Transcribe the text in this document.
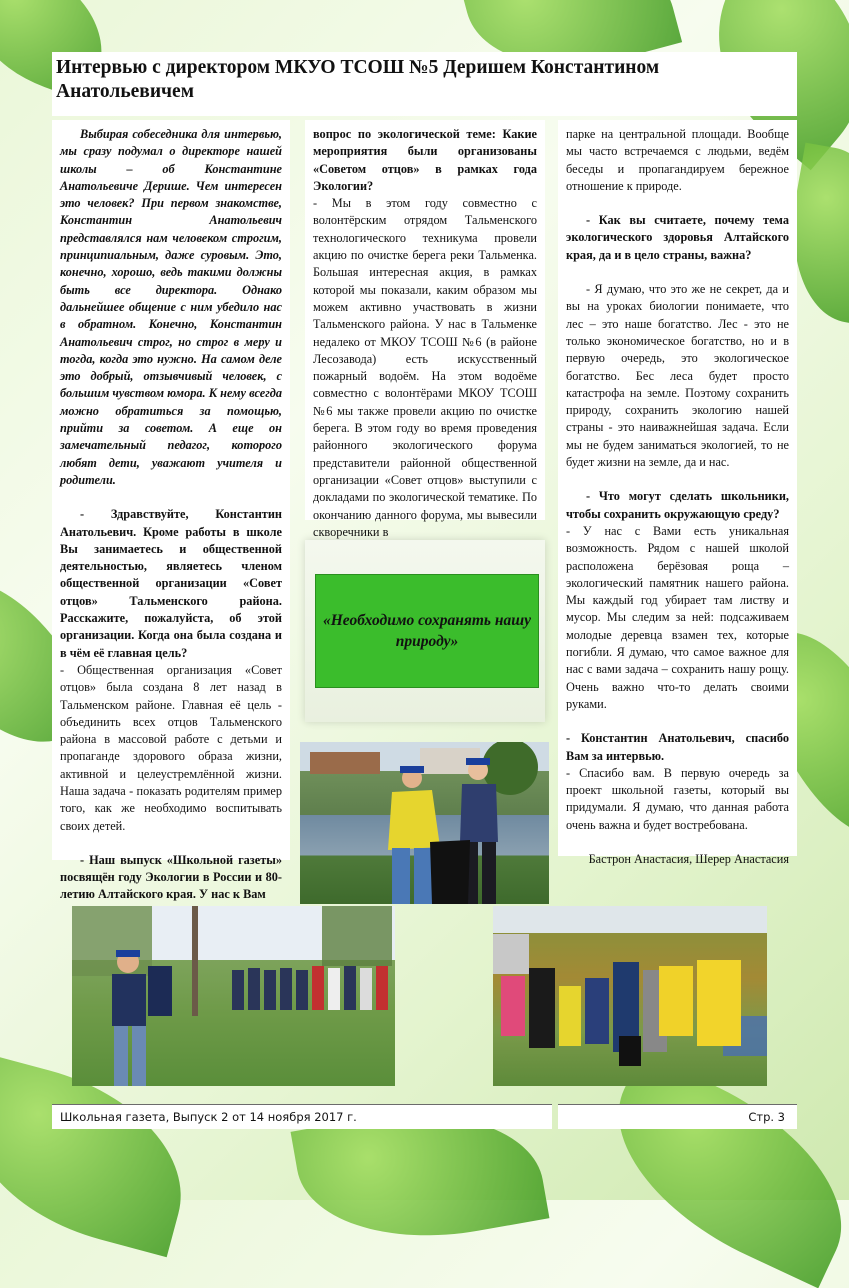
Интервью с директором МКУО ТСОШ №5 Деришем Константином Анатольевичем

Выбирая собеседника для интервью, мы сразу подумал о директоре нашей школы – об Константине Анатольевиче Дерише. Чем интересен это человек? При первом знакомстве, Константин Анатольевич представлялся нам человеком строгим, принципиальным, даже суровым. Это, конечно, хорошо, ведь такими должны быть все директора. Однако дальнейшее общение с ним убедило нас в обратном. Конечно, Константин Анатольевич строг, но строг в меру и тогда, когда это нужно. На самом деле это добрый, отзывчивый человек, с большим чувством юмора. К нему всегда можно обратиться за помощью, прийти за советом. А еще он замечательный педагог, которого любят дети, уважают учителя и родители.

- Здравствуйте, Константин Анатольевич. Кроме работы в школе Вы занимаетесь и общественной деятельностью, являетесь членом общественной организации «Совет отцов» Тальменского района. Расскажите, пожалуйста, об этой организации. Когда она была создана и в чём её главная цель?

- Общественная организация «Совет отцов» была создана 8 лет назад в Тальменском районе. Главная её цель - объединить всех отцов Тальменского района в массовой работе с детьми и пропаганде здорового образа жизни, активной и целеустремлённой жизни. Наша задача - показать родителям пример того, как же необходимо воспитывать своих детей.

- Наш выпуск «Школьной газеты» посвящён году Экологии в России и 80-летию Алтайского края. У нас к Вам

вопрос по экологической теме: Какие мероприятия были организованы «Советом отцов» в рамках года Экологии?

- Мы в этом году совместно с волонтёрским отрядом Тальменского технологического техникума провели акцию по очистке берега реки Тальменка. Большая интересная акция, в рамках которой мы показали, каким образом мы можем активно участвовать в жизни Тальменского района. У нас в Тальменке недалеко от МКОУ ТСОШ №6 (в районе Лесозавода) есть искусственный пожарный водоём. На этом водоёме совместно с волонтёрами МКОУ ТСОШ №6 мы также провели акцию по очистке берега. В этом году во время проведения районного экологического форума представители районной общественной организации «Совет отцов» выступили с докладами по экологической тематике. По окончанию данного форума, мы вывесили скворечники в

парке на центральной площади. Вообще мы часто встречаемся с людьми, ведём беседы и пропагандируем бережное отношение к природе.

- Как вы считаете, почему тема экологического здоровья Алтайского края, да и в цело страны, важна?

- Я думаю, что это же не секрет, да и вы на уроках биологии понимаете, что лес – это наше богатство. Лес - это не только экономическое богатство, но и в первую очередь, это экологическое богатство. Бес леса будет просто катастрофа на земле. Поэтому сохранить природу, сохранить экологию нашей страны - это наиважнейшая задача. Если мы не будем заниматься экологией, то не будет жизни на земле, да и нас.

- Что могут сделать школьники, чтобы сохранить окружающую среду?

- У нас с Вами есть уникальная возможность. Рядом с нашей школой расположена берёзовая роща – экологический памятник нашего района. Мы каждый год убирает там листву и мусор. Мы следим за ней: подсаживаем молодые деревца взамен тех, которые погибли. Я думаю, что самое важное для нас с вами задача – сохранить нашу рощу. Очень важно что-то делать своими руками.

- Константин Анатольевич, спасибо Вам за интервью.

- Спасибо вам. В первую очередь за проект школьной газеты, который вы придумали. Я думаю, что данная работа очень важна и будет востребована.

Бастрон Анастасия, Шерер Анастасия

«Необходимо сохранять нашу природу»
Школьная газета, Выпуск 2 от 14 ноября 2017 г.	Стр. 3
